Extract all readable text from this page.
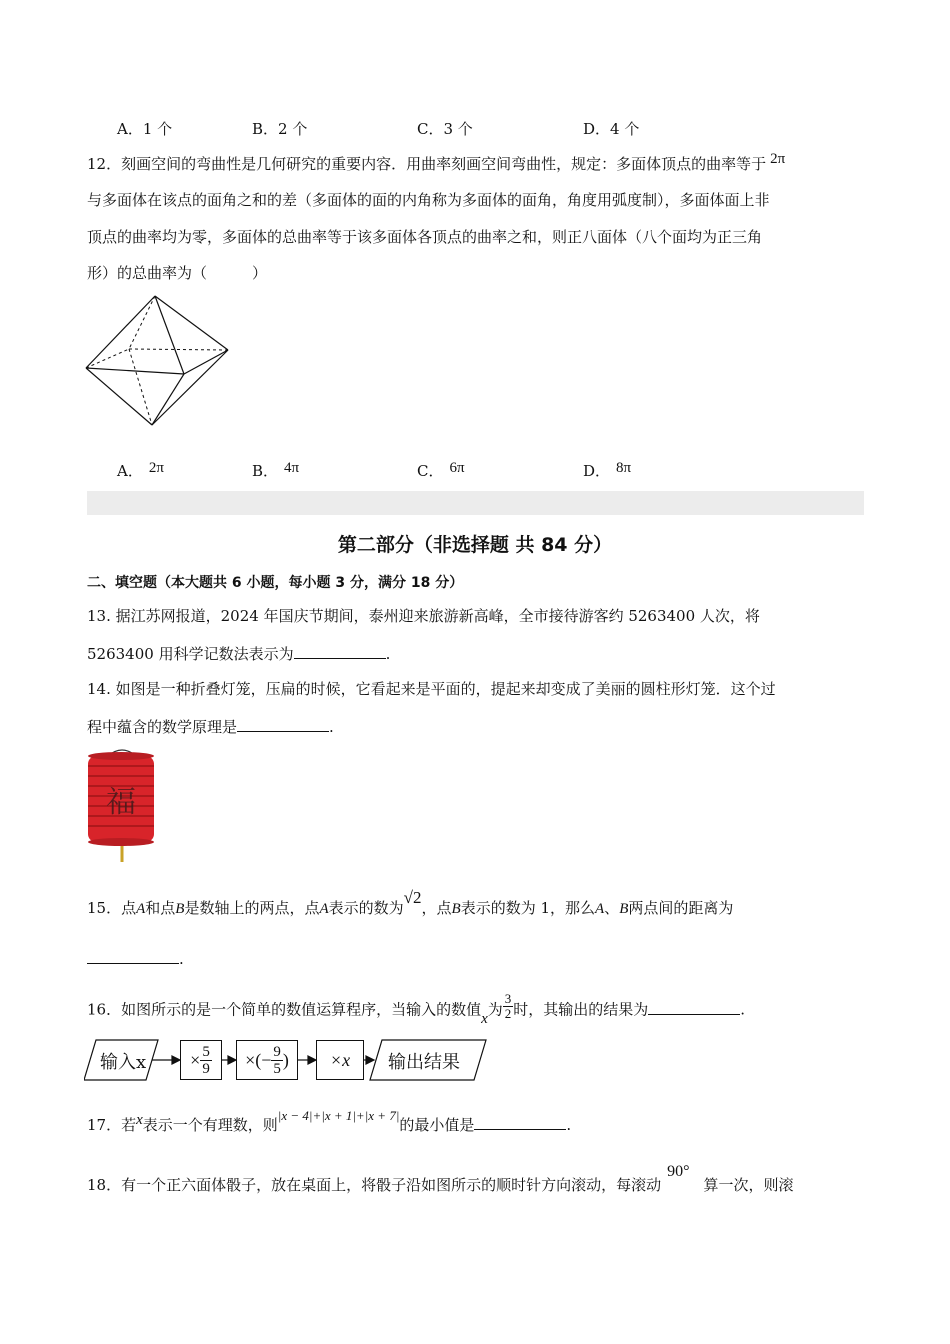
A．1 个	B．2 个	C．3 个	D．4 个
12．刻画空间的弯曲性是几何研究的重要内容．用曲率刻画空间弯曲性，规定：多面体顶点的曲率等于 2π
与多面体在该点的面角之和的差（多面体的面的内角称为多面体的面角，角度用弧度制），多面体面上非
顶点的曲率均为零，多面体的总曲率等于该多面体各顶点的曲率之和，则正八面体（八个面均为正三角
形）的总曲率为（　　　）
A． 2π	B． 4π	C． 6π	D． 8π
第二部分（非选择题 共 84 分）
二、填空题（本大题共 6 小题，每小题 3 分，满分 18 分）
13. 据江苏网报道，2024 年国庆节期间，泰州迎来旅游新高峰，全市接待游客约 5263400 人次，将
5263400 用科学记数法表示为	.
14. 如图是一种折叠灯笼，压扁的时候，它看起来是平面的，提起来却变成了美丽的圆柱形灯笼．这个过
程中蕴含的数学原理是	.
福
15．点A和点B是数轴上的两点，点A表示的数为√2，点B表示的数为 1，那么A、B两点间的距离为
.
16．如图所示的是一个简单的数值运算程序，当输入的数值x为 $\frac{3}{2}$ 时，其输出的结果为	.
输入$x \times \frac{5}{9}$ ×(− $\frac{9}{5}$ ) ×x 输出结果
17．若x表示一个有理数，则|x − 4|+|x + 1|+|x + 7|的最小值是	.
18．有一个正六面体骰子，放在桌面上，将骰子沿如图所示的顺时针方向滚动，每滚动90°算一次，则滚
